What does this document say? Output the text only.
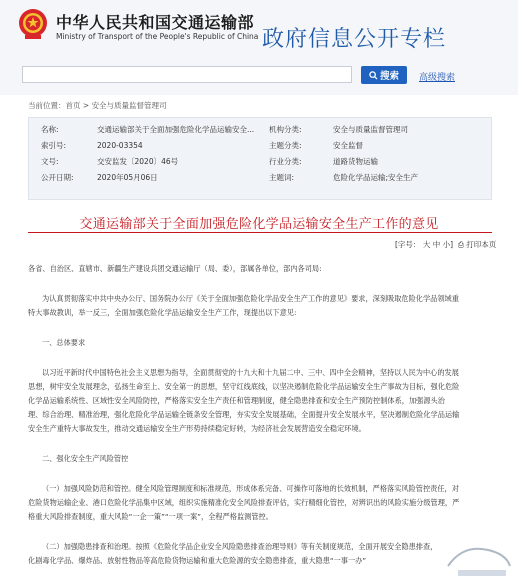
中华人民共和国交通运输部
Ministry of Transport of the People's Republic of China 政府信息公开专栏
搜索 高级搜索
当前位置：首页 > 安全与质量监督管理司
名称:	交通运输部关于全面加强危险化学品运输安全... 机构分类:	安全与质量监督管理司
索引号:	2020-03354	主题分类:	安全监督
文号:	交安监发〔2020〕46号	行业分类:	道路货物运输
公开日期:	2020年05月06日	主题词:	危险化学品运输;安全生产
交通运输部关于全面加强危险化学品运输安全生产工作的意见
[字号： 大 中 小] ⎙ 打印本页
各省、自治区、直辖市、新疆生产建设兵团交通运输厅（局、委），部属各单位，部内各司局:
为认真贯彻落实中共中央办公厅、国务院办公厅《关于全面加强危险化学品安全生产工作的意见》要求，深刻吸取危险化学品领域重
特大事故教训，举一反三，全面加强危险化学品运输安全生产工作，现提出以下意见:
一、总体要求
以习近平新时代中国特色社会主义思想为指导，全面贯彻党的十九大和十九届二中、三中、四中全会精神，坚持以人民为中心的发展
思想，树牢安全发展理念，弘扬生命至上、安全第一的思想，坚守红线底线，以坚决遏制危险化学品运输安全生产事故为目标，强化危险
化学品运输系统性、区域性安全风险防控，严格落实安全生产责任和管理制度，健全隐患排查和安全生产预防控制体系，加强源头治
理、综合治理、精准治理，强化危险化学品运输全链条安全管理，夯实安全发展基础，全面提升安全发展水平，坚决遏制危险化学品运输
安全生产重特大事故发生，推动交通运输安全生产形势持续稳定好转，为经济社会发展营造安全稳定环境。
二、强化安全生产风险管控
（一）加强风险防范和管控。健全风险管理制度和标准规范，形成体系完备、可操作可落地的长效机制，严格落实风险管控责任，对
危险货物运输企业、港口危险化学品集中区域，组织实施精准化安全风险排查评估，实行精细化管控，对辨识出的风险实施分级管理，严
格重大风险排查制度，重大风险“一企一策”“一项一案”，全程严格监测管控。
（二）加强隐患排查和治理。按照《危险化学品企业安全风险隐患排查治理导则》等有关制度规范，全面开展安全隐患排查，
化剧毒化学品、爆炸品、放射性物品等高危险货物运输和重大危险源的安全隐患排查，重大隐患“一事一办”
